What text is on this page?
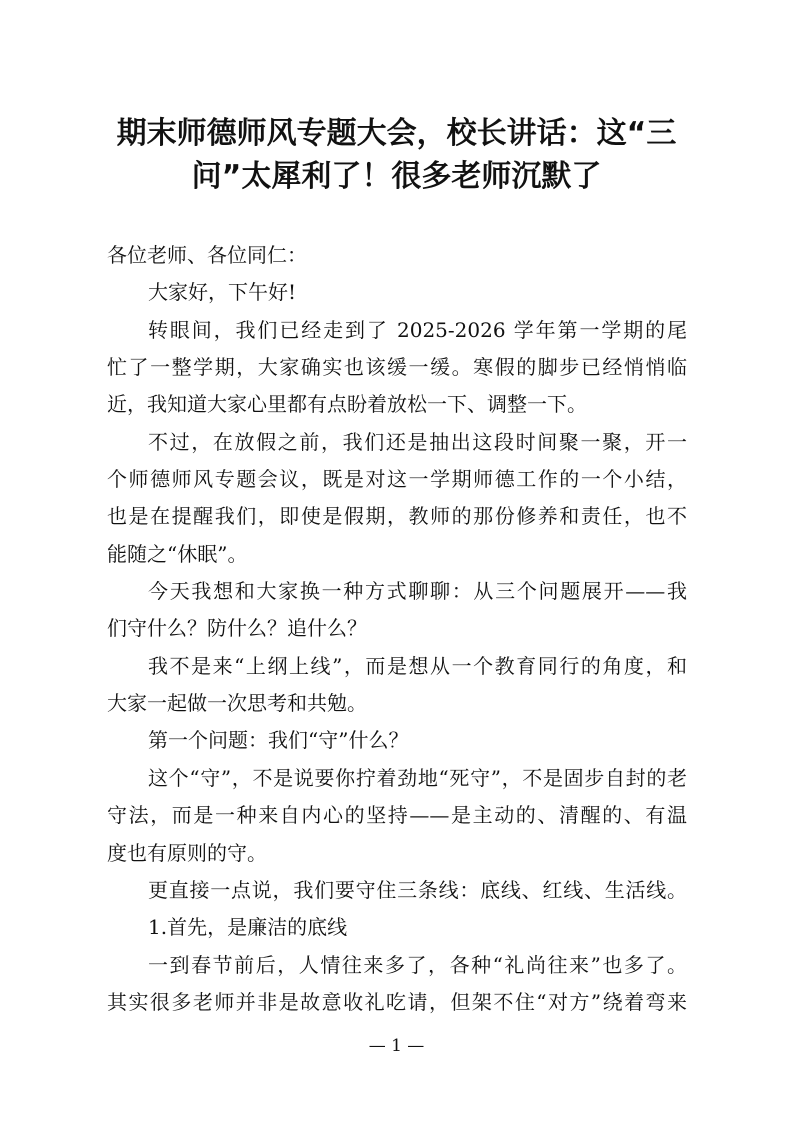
期末师德师风专题大会，校长讲话：这“三
问”太犀利了！很多老师沉默了
各位老师、各位同仁：
大家好，下午好!
转眼间，我们已经走到了 2025-2026 学年第一学期的尾
忙了一整学期，大家确实也该缓一缓。寒假的脚步已经悄悄临
近，我知道大家心里都有点盼着放松一下、调整一下。
不过，在放假之前，我们还是抽出这段时间聚一聚，开一
个师德师风专题会议，既是对这一学期师德工作的一个小结，
也是在提醒我们，即使是假期，教师的那份修养和责任，也不
能随之“休眠”。
今天我想和大家换一种方式聊聊：从三个问题展开——我
们守什么？防什么？追什么？
我不是来“上纲上线”，而是想从一个教育同行的角度，和
大家一起做一次思考和共勉。
第一个问题：我们“守”什么？
这个“守”，不是说要你拧着劲地“死守”，不是固步自封的老
守法，而是一种来自内心的坚持——是主动的、清醒的、有温
度也有原则的守。
更直接一点说，我们要守住三条线：底线、红线、生活线。
1.首先，是廉洁的底线
一到春节前后，人情往来多了，各种“礼尚往来”也多了。
其实很多老师并非是故意收礼吃请，但架不住“对方”绕着弯来
— 1 —
